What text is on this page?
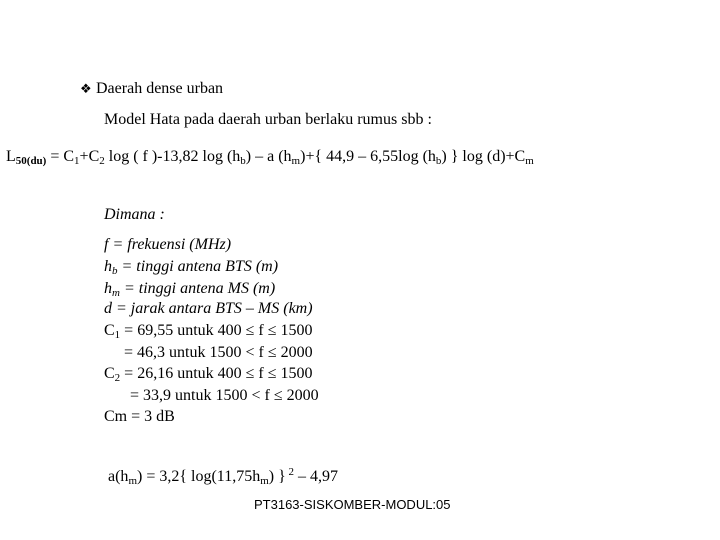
❖ Daerah dense urban
Model Hata pada daerah urban berlaku rumus sbb :
$L_{50(du)} = C_1+C_2$ log ( f )-13,82 $\log (h_b)$ – a $(h_m)+${ 44,9 – 6,55log $(h_b)$ } $\log (d)+C_m$
Dimana :
f = frekuensi (MHz)
$h_b$ = tinggi antena BTS (m)
$h_m$ = tinggi antena MS (m)
d = jarak antara BTS – MS (km)
$C_1 = 69,55$ untuk 400 ≤ f ≤ 1500
= 46,3 untuk 1500 < f ≤ 2000
$C_2 = 26,16$ untuk 400 ≤ f ≤ 1500
= 33,9 untuk 1500 < f ≤ 2000
Cm = 3 dB
$a(h_m) = 3,2${ $\log(11,75h_m)$ } $^2$ – 4,97
PT3163-SISKOMBER-MODUL:05
